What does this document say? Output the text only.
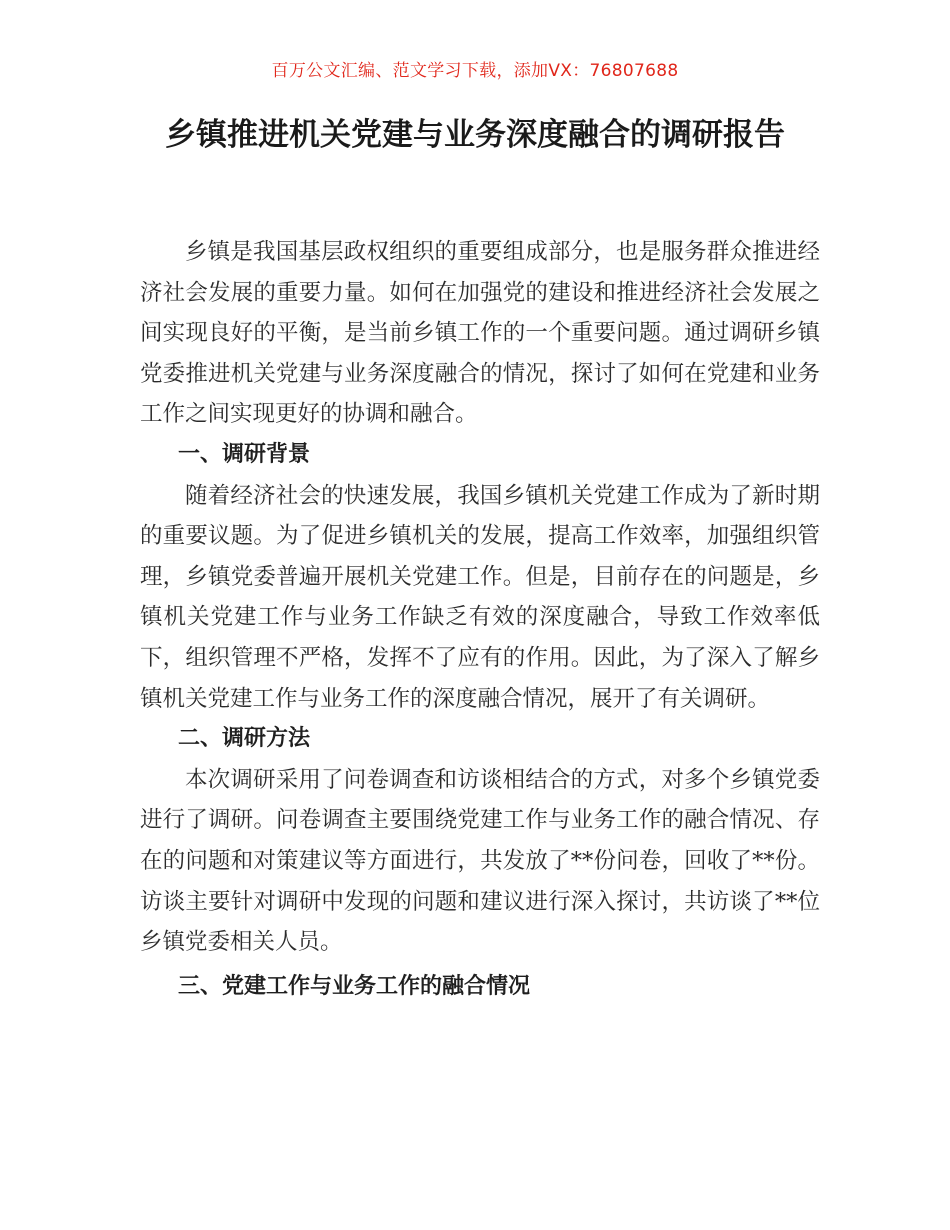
百万公文汇编、范文学习下载，添加VX：76807688
乡镇推进机关党建与业务深度融合的调研报告

乡镇是我国基层政权组织的重要组成部分，也是服务群众推进经济社会发展的重要力量。如何在加强党的建设和推进经济社会发展之间实现良好的平衡，是当前乡镇工作的一个重要问题。通过调研乡镇党委推进机关党建与业务深度融合的情况，探讨了如何在党建和业务工作之间实现更好的协调和融合。

一、调研背景

随着经济社会的快速发展，我国乡镇机关党建工作成为了新时期的重要议题。为了促进乡镇机关的发展，提高工作效率，加强组织管理，乡镇党委普遍开展机关党建工作。但是，目前存在的问题是，乡镇机关党建工作与业务工作缺乏有效的深度融合，导致工作效率低下，组织管理不严格，发挥不了应有的作用。因此，为了深入了解乡镇机关党建工作与业务工作的深度融合情况，展开了有关调研。

二、调研方法

本次调研采用了问卷调查和访谈相结合的方式，对多个乡镇党委进行了调研。问卷调查主要围绕党建工作与业务工作的融合情况、存在的问题和对策建议等方面进行，共发放了**份问卷，回收了**份。访谈主要针对调研中发现的问题和建议进行深入探讨，共访谈了**位乡镇党委相关人员。

三、党建工作与业务工作的融合情况
